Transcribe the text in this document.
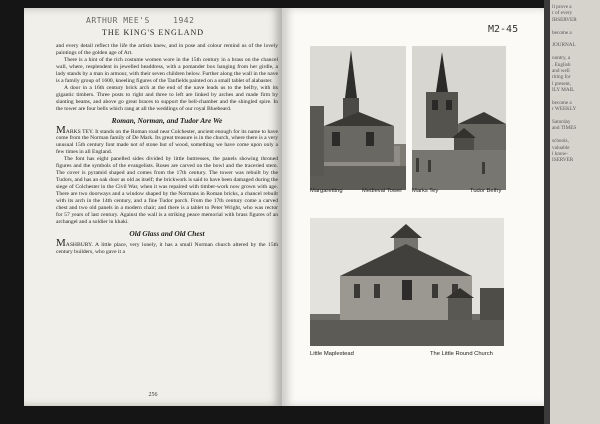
ARTHUR MEE'S	1942
THE KING'S ENGLAND

and every detail reflect the life the artists knew, and in pose and colour remind us of the lovely paintings of the golden age of Art.

There is a hint of the rich costume women wore in the 15th century in a brass on the chancel wall, where, resplendent in jewelled headdress, with a pomander box hanging from her girdle, a lady stands by a man in armour, with their seven children below. Further along the wall in the nave is a family group of 1600, kneeling figures of the Tanfields painted on a small tablet of alabaster.

A door in a 16th century brick arch at the end of the nave leads us to the belfry, with its gigantic timbers. Three posts to right and three to left are linked by arches and made firm by slanting beams, and above go great braces to support the bell-chamber and the shingled spire. In the tower are four bells which rang at all the weddings of our royal Bluebeard.

Roman, Norman, and Tudor Are We

MARKS TEY. It stands on the Roman road near Colchester, ancient enough for its name to have come from the Norman family of De Mark. Its great treasure is in the church, where there is a very unusual 15th century font made not of stone but of wood, something we have come upon only a few times in all England.

The font has eight panelled sides divided by little buttresses, the panels showing throned figures and the symbols of the evangelists. Roses are carved on the bowl and the traceried stem. The cover is pyramid shaped and comes from the 17th century. The tower was rebuilt by the Tudors, and has an oak door as old as itself; the brickwork is said to have been damaged during the siege of Colchester in the Civil War, when it was repaired with timber-work now grown with age. There are two doorways and a window shaped by the Normans in Roman bricks, a chancel rebuilt with its arch in the 14th century, and a fine Tudor porch. From the 17th century come a carved chest and two old panels in a modern chair; and there is a tablet to Peter Wright, who was rector for 57 years of last century. Against the wall is a striking peace memorial with brass figures of an archangel and a soldier in khaki.

Old Glass and Old Chest

MASHBURY. A little place, very lonely, it has a small Norman church altered by the 15th century builders, who gave it a

256
M2-45
Margaretting	Medieval Tower Marks Tey	Tudor Belfry
Little Maplestead	The Little Round Church
ll prove a
r of every
IBSERVER
become a
JOURNAL
ountry, a
. English
and well
riting for
l present,
ILY MAIL
become a
r WEEKLY
Saturday
and TIMES
schools,
valuable
l know-
ISERVER
